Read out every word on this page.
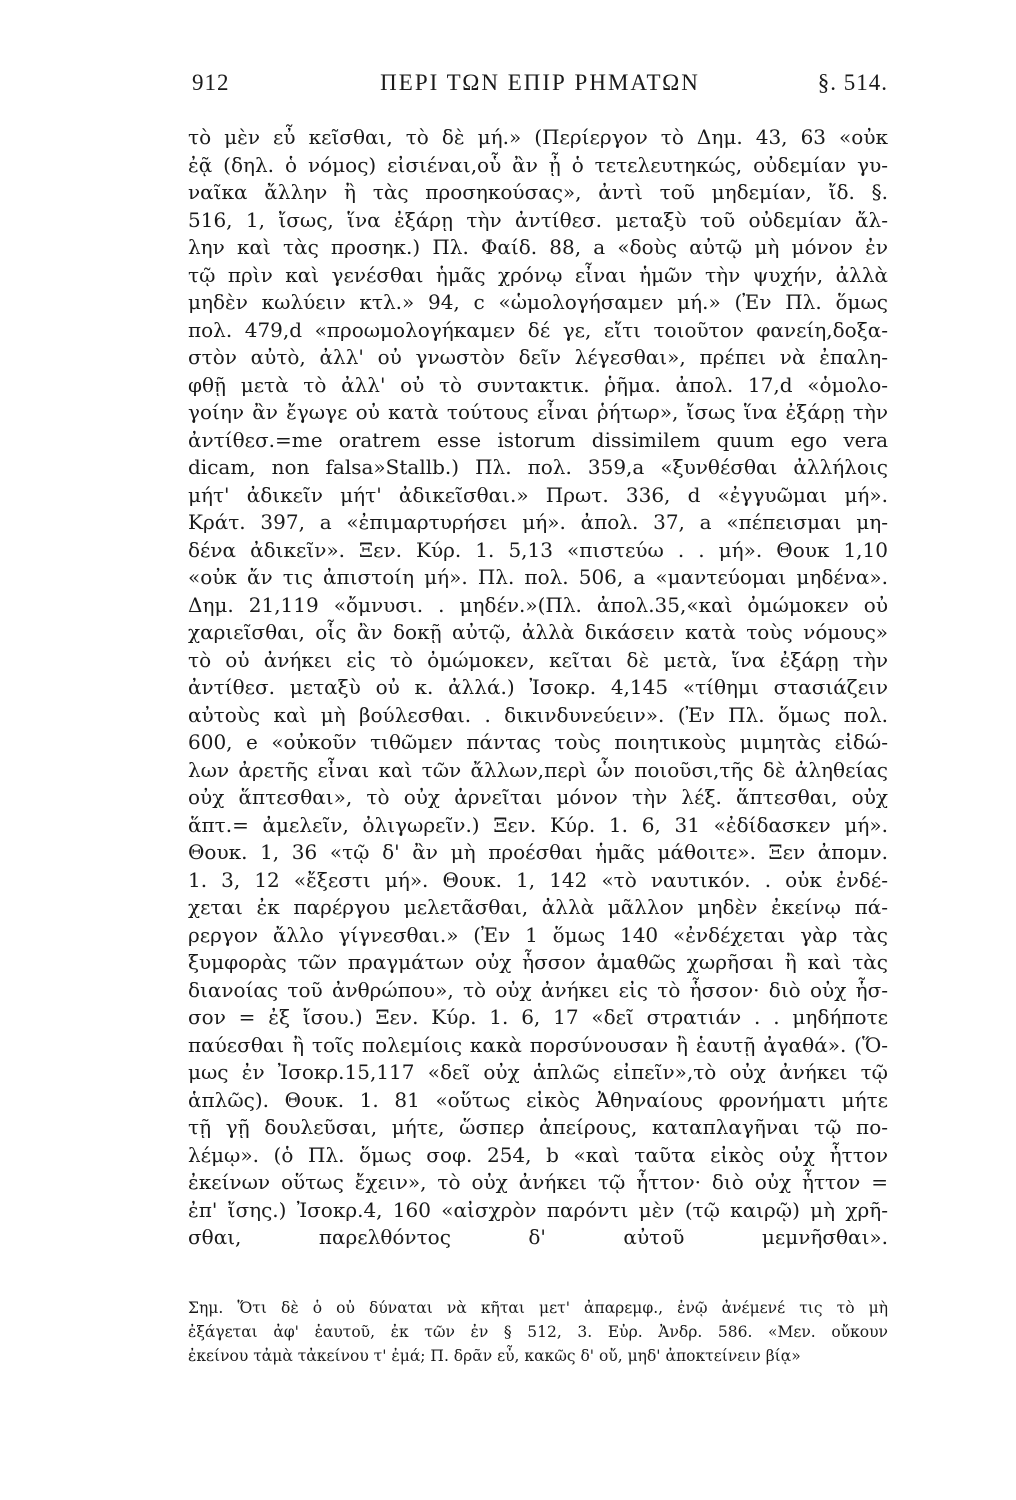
912	ΠΕΡΙ ΤΩΝ ΕΠΙΡ ΡΗΜΑΤΩΝ	§. 514.
τὸ μὲν εὖ κεῖσθαι, τὸ δὲ μή.» (Περίεργον τὸ Δημ. 43, 63 «οὐκ
ἐᾷ (δηλ. ὁ νόμος) εἰσιέναι,οὗ ἂν ᾖ ὁ τετελευτηκώς, οὐδεμίαν γυ-
ναῖκα ἄλλην ἢ τὰς προσηκούσας», ἀντὶ τοῦ μηδεμίαν, ἴδ. §.
516, 1, ἴσως, ἵνα ἐξάρῃ τὴν ἀντίθεσ. μεταξὺ τοῦ οὐδεμίαν ἄλ-
λην καὶ τὰς προσηκ.) Πλ. Φαίδ. 88, a «δοὺς αὐτῷ μὴ μόνον ἐν
τῷ πρὶν καὶ γενέσθαι ἡμᾶς χρόνῳ εἶναι ἡμῶν τὴν ψυχήν, ἀλλὰ
μηδὲν κωλύειν κτλ.» 94, c «ὡμολογήσαμεν μή.» (Ἐν Πλ. ὅμως
πολ. 479,d «προωμολογήκαμεν δέ γε, εἴτι τοιοῦτον φανείη,δοξα-
στὸν αὐτὸ, ἀλλ' οὐ γνωστὸν δεῖν λέγεσθαι», πρέπει νὰ ἐπαλη-
φθῇ μετὰ τὸ ἀλλ' οὐ τὸ συντακτικ. ῥῆμα. ἀπολ. 17,d «ὁμολο-
γοίην ἂν ἔγωγε οὐ κατὰ τούτους εἶναι ῥήτωρ», ἴσως ἵνα ἐξάρῃ τὴν
ἀντίθεσ.=me oratrem esse istorum dissimilem quum ego vera
dicam, non falsa»Stallb.) Πλ. πολ. 359,a «ξυνθέσθαι ἀλλήλοις
μήτ' ἀδικεῖν μήτ' ἀδικεῖσθαι.» Πρωτ. 336, d «ἐγγυῶμαι μή».
Κράτ. 397, a «ἐπιμαρτυρήσει μή». ἀπολ. 37, a «πέπεισμαι μη-
δένα ἀδικεῖν». Ξεν. Κύρ. 1. 5,13 «πιστεύω . . μή». Θουκ 1,10
«οὐκ ἄν τις ἀπιστοίη μή». Πλ. πολ. 506, a «μαντεύομαι μηδένα».
Δημ. 21,119 «ὄμνυσι. . μηδέν.»(Πλ. ἀπολ.35,«καὶ ὀμώμοκεν οὐ
χαριεῖσθαι, οἷς ἂν δοκῇ αὐτῷ, ἀλλὰ δικάσειν κατὰ τοὺς νόμους»
τὸ οὐ ἀνήκει εἰς τὸ ὀμώμοκεν, κεῖται δὲ μετὰ, ἵνα ἐξάρῃ τὴν
ἀντίθεσ. μεταξὺ οὐ κ. ἀλλά.) Ἰσοκρ. 4,145 «τίθημι στασιάζειν
αὐτοὺς καὶ μὴ βούλεσθαι. . δικινδυνεύειν». (Ἐν Πλ. ὅμως πολ.
600, e «οὐκοῦν τιθῶμεν πάντας τοὺς ποιητικοὺς μιμητὰς εἰδώ-
λων ἀρετῆς εἶναι καὶ τῶν ἄλλων,περὶ ὧν ποιοῦσι,τῆς δὲ ἀληθείας
οὐχ ἅπτεσθαι», τὸ οὐχ ἀρνεῖται μόνον τὴν λέξ. ἅπτεσθαι, οὐχ
ἅπτ.= ἀμελεῖν, ὀλιγωρεῖν.) Ξεν. Κύρ. 1. 6, 31 «ἐδίδασκεν μή».
Θουκ. 1, 36 «τῷ δ' ἂν μὴ προέσθαι ἡμᾶς μάθοιτε». Ξεν ἀπομν.
1. 3, 12 «ἔξεστι μή». Θουκ. 1, 142 «τὸ ναυτικόν. . οὐκ ἐνδέ-
χεται ἐκ παρέργου μελετᾶσθαι, ἀλλὰ μᾶλλον μηδὲν ἐκείνῳ πά-
ρεργον ἄλλο γίγνεσθαι.» (Ἐν 1 ὅμως 140 «ἐνδέχεται γὰρ τὰς
ξυμφορὰς τῶν πραγμάτων οὐχ ἧσσον ἀμαθῶς χωρῆσαι ἢ καὶ τὰς
διανοίας τοῦ ἀνθρώπου», τὸ οὐχ ἀνήκει εἰς τὸ ἧσσον· διὸ οὐχ ἧσ-
σον = ἐξ ἴσου.) Ξεν. Κύρ. 1. 6, 17 «δεῖ στρατιάν . . μηδήποτε
παύεσθαι ἢ τοῖς πολεμίοις κακὰ πορσύνουσαν ἢ ἑαυτῇ ἀγαθά». (Ὅ-
μως ἐν Ἰσοκρ.15,117 «δεῖ οὐχ ἁπλῶς εἰπεῖν»,τὸ οὐχ ἀνήκει τῷ
ἁπλῶς). Θουκ. 1. 81 «οὕτως εἰκὸς Ἀθηναίους φρονήματι μήτε
τῇ γῇ δουλεῦσαι, μήτε, ὥσπερ ἀπείρους, καταπλαγῆναι τῷ πο-
λέμῳ». (ὁ Πλ. ὅμως σοφ. 254, b «καὶ ταῦτα εἰκὸς οὐχ ἧττον
ἐκείνων οὕτως ἔχειν», τὸ οὐχ ἀνήκει τῷ ἧττον· διὸ οὐχ ἧττον =
ἐπ' ἴσης.) Ἰσοκρ.4, 160 «αἰσχρὸν παρόντι μὲν (τῷ καιρῷ) μὴ χρῆ-
σθαι, παρελθόντος δ' αὐτοῦ μεμνῆσθαι».
Σημ. Ὅτι δὲ ὁ οὐ δύναται νὰ κῆται μετ' ἀπαρεμφ., ἐνῷ ἀνέμενέ τις τὸ μὴ
ἐξάγεται ἀφ' ἑαυτοῦ, ἐκ τῶν ἐν § 512, 3. Εὐρ. Ἀνδρ. 586. «Μεν. οὔκουν
ἐκείνου τἀμὰ τἀκείνου τ' ἐμά; Π. δρᾶν εὖ, κακῶς δ' οὔ, μηδ' ἀποκτείνειν βίᾳ»
